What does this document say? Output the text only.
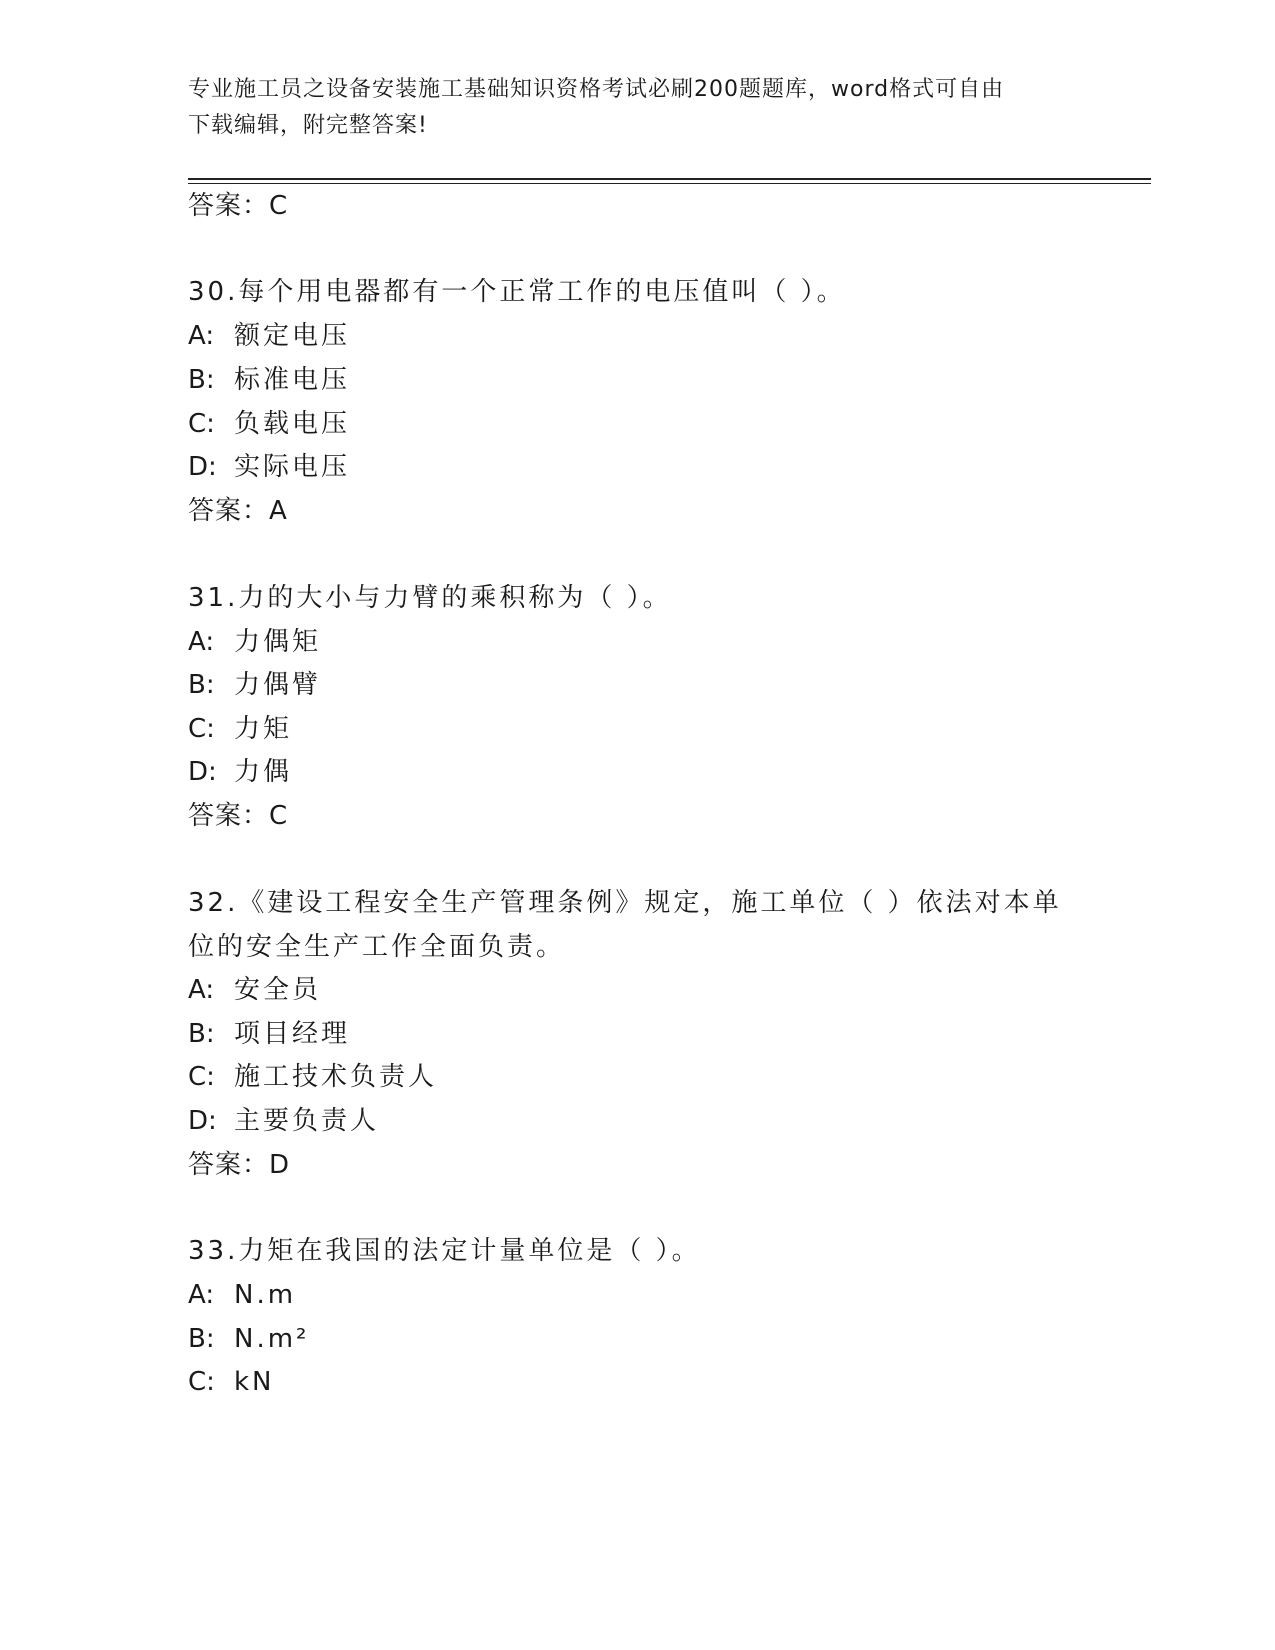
专业施工员之设备安装施工基础知识资格考试必刷200题题库，word格式可自由
下载编辑，附完整答案!
答案：C
30.每个用电器都有一个正常工作的电压值叫（ ）。
A: 额定电压
B: 标准电压
C: 负载电压
D: 实际电压
答案：A
31.力的大小与力臂的乘积称为（ ）。
A: 力偶矩
B: 力偶臂
C: 力矩
D: 力偶
答案：C
32.《建设工程安全生产管理条例》规定，施工单位（ ）依法对本单
位的安全生产工作全面负责。
A: 安全员
B: 项目经理
C: 施工技术负责人
D: 主要负责人
答案：D
33.力矩在我国的法定计量单位是（ ）。
A: N.m
B: N.m²
C: kN
